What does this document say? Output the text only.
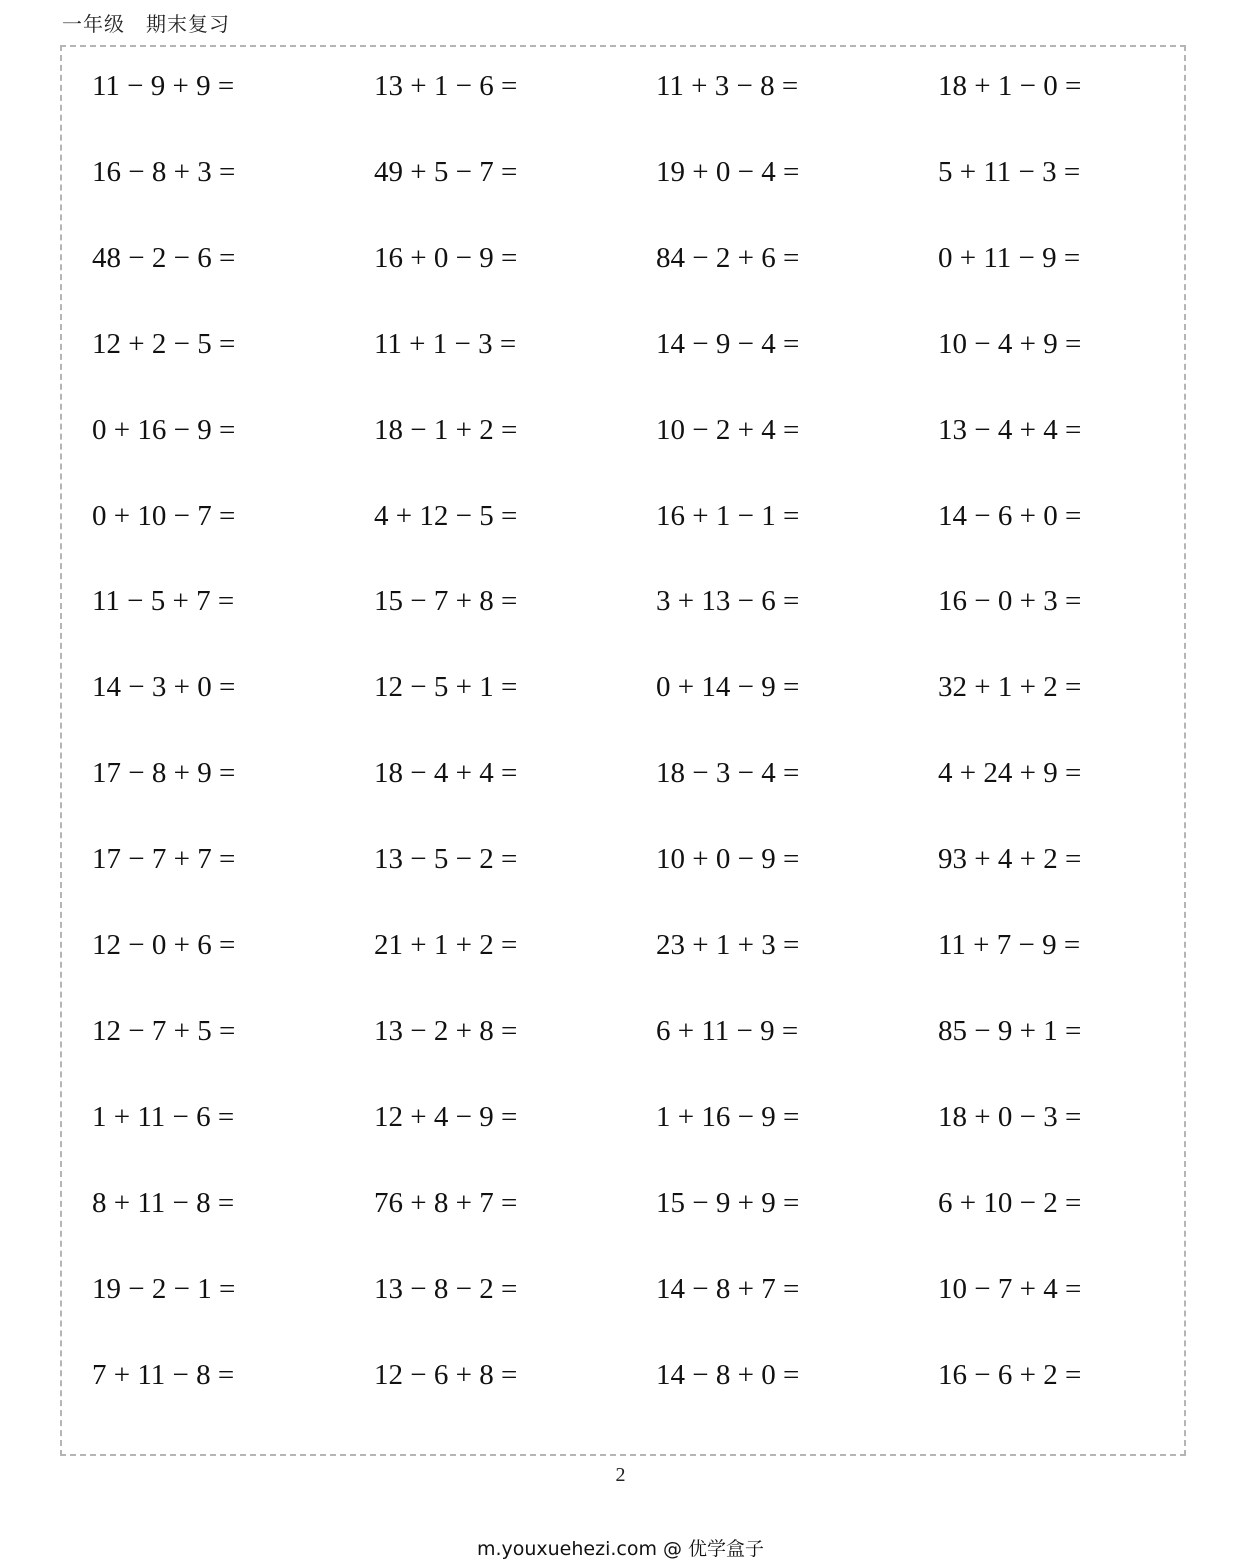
一年级　期末复习
11 − 9 + 9 =	13 + 1 − 6 =	11 + 3 − 8 =	18 + 1 − 0 =
16 − 8 + 3 =	49 + 5 − 7 =	19 + 0 − 4 =	5 + 11 − 3 =
48 − 2 − 6 =	16 + 0 − 9 =	84 − 2 + 6 =	0 + 11 − 9 =
12 + 2 − 5 =	11 + 1 − 3 =	14 − 9 − 4 =	10 − 4 + 9 =
0 + 16 − 9 =	18 − 1 + 2 =	10 − 2 + 4 =	13 − 4 + 4 =
0 + 10 − 7 =	4 + 12 − 5 =	16 + 1 − 1 =	14 − 6 + 0 =
11 − 5 + 7 =	15 − 7 + 8 =	3 + 13 − 6 =	16 − 0 + 3 =
14 − 3 + 0 =	12 − 5 + 1 =	0 + 14 − 9 =	32 + 1 + 2 =
17 − 8 + 9 =	18 − 4 + 4 =	18 − 3 − 4 =	4 + 24 + 9 =
17 − 7 + 7 =	13 − 5 − 2 =	10 + 0 − 9 =	93 + 4 + 2 =
12 − 0 + 6 =	21 + 1 + 2 =	23 + 1 + 3 =	11 + 7 − 9 =
12 − 7 + 5 =	13 − 2 + 8 =	6 + 11 − 9 =	85 − 9 + 1 =
1 + 11 − 6 =	12 + 4 − 9 =	1 + 16 − 9 =	18 + 0 − 3 =
8 + 11 − 8 =	76 + 8 + 7 =	15 − 9 + 9 =	6 + 10 − 2 =
19 − 2 − 1 =	13 − 8 − 2 =	14 − 8 + 7 =	10 − 7 + 4 =
7 + 11 − 8 =	12 − 6 + 8 =	14 − 8 + 0 =	16 − 6 + 2 =
2
m.youxuehezi.com @ 优学盒子
